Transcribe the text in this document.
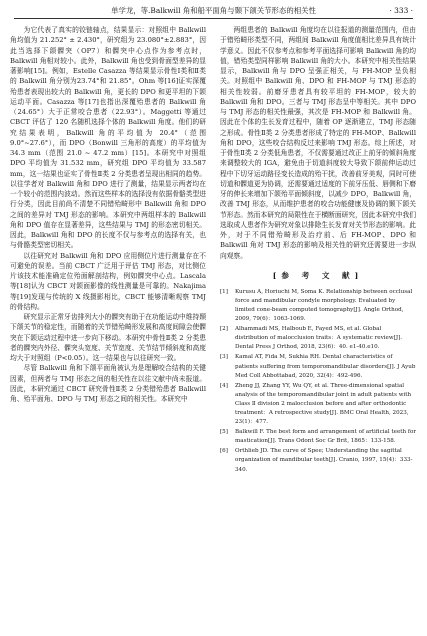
单学龙，等.Balkwill 角和船平面角与颞下颌关节形态的相关性	· 333 ·

为它代表了真实的铰链轴点，结果显示：对照组中 Balkwill 角均值为 21.252° ± 2.430°，研究组为 23.080°±2.883°，因此当选择下颌髁突（OP7）和髁突中心点作为参考点时，Balkwill 角相对较小。此外，Balkwill 角也受到骨面型差异的显著影响[15]。例如，Estelle Casazza 等结果显示骨性Ⅰ类和Ⅱ类的 Balkwill 角分别为23.74°和 21.85°。Ohm 等[16]证实深覆殆患者表现出较大的 Balkwill 角，更长的 DPO 和更平坦的下颌运动平面。Casazza 等[17]也指出深覆殆患者的 Balkwill 角（24.65°）大于正常咬合患者（22.93°）。Maggetti 等通过 CBCT 评估了 120 名随机选择个体的 Balkwill 角度。他们的研究结果表明，Balkwill 角的平均值为 20.4°（范围9.0°~27.6°），而 DPO（Bonwill 三角形的高度）的平均值为 34.3 mm（范围 21.0 ~ 47.2 mm）[15]。本研究中对照组 DPO 平均值为 31.532 mm，研究组 DPO 平均值为 33.587 mm，这一结果也证实了骨性Ⅱ类 2 分类患者呈现出相同的趋势。以往学者对 Balkwill 角和 DPO 进行了测量，结果显示两者均在一个较小的范围内波动。然而这些样本的选择没有依据骨骼类型进行分类，因此目前尚不清楚不同错殆畸形中 Balkwill 角和 DPO 之间的差异对 TMJ 形态的影响。本研究中两组样本的 Balkwill 角和 DPO 值存在显著差异，这些结果与 TMJ 的形态密切相关。因此，Balkwill 角和 DPO 的长度不仅与参考点的选择有关，也与骨骼类型密切相关。

以往研究对 Balkwill 角和 DPO 应用侧位片进行测量存在不可避免的误差。当前 CBCT 广泛用于评估 TMJ 形态，对比侧位片该技术能准确定位殆面解剖结构，例如髁突中心点。Lascala 等[18]认为 CBCT 对颌面影像的线性测量是可靠的。Nakajima 等[19]发现与传统的 X 线摄影相比，CBCT 能够清晰观察 TMJ 的骨结构。

研究显示正常牙齿排列大小的髁突有助于在功能运动中维持颞下颌关节的稳定性，而随着的关节错殆畸形发展和高度间隙会使髁突在下颌运动过程中进一步向下移动。本研究中骨性Ⅱ类 2 分类患者的髁突内外径、髁突头宽度、关节宽度、关节结节倾斜度和高度均大于对照组（P<0.05）。这一结果也与以往研究一致。

尽管 Balkwill 角和下颌平面角被认为是理解咬合结构的关键因素，但两者与 TMJ 形态之间的相关性在以往文献中尚未报道。因此，本研究通过 CBCT 研究骨性Ⅱ类 2 分类错殆患者 Balkwill 角、殆平面角、DPO 与 TMJ 形态之间的相关性。本研究中

两组患者的 Balkwill 角度均在以往报道的测量范围内，但由于错殆畸形类型不同，两组间 Balkwill 角度值相比差异具有统计学意义。因此不仅参考点和参考平面选择可影响 Balkwill 角的均值，错殆类型同样影响 Balkwill 角的大小。本研究中相关性结果显示，Balkwill 角与 DPO 呈强正相关，与 FH-MOP 呈负相关。对照组中 Balkwill 角、DPO 和 FH-MOP 与 TMJ 形态的相关性较弱。前磨牙患者具有较平坦的 FH-MOP，较大的 Balkwill 角和 DPO。三者与 TMJ 形态呈中等相关。其中 DPO 与 TMJ 形态的相关性最强，其次是 FH-MOP 和 Balkwill 角。因此在个体的生长发育过程中，随着 OP 逐渐建立，TMJ 形态随之形成。骨性Ⅱ类 2 分类患者形成了特定的 FH-MOP、Balkwill 角和 DPO，这些咬合结构反过来影响 TMJ 形态。综上所述，对于骨性Ⅱ类 2 分类低角患者，不仅需要通过改正上前牙的倾斜角度来调整较大的 IGA，避免由于切道斜度较大导致下颌前伸运动过程中下切牙运动路径变长造成的殆干扰，改善前牙美观，同时可使切道和髁道更为协调，还需要通过适度的下前牙压低、唇侧和下磨牙的伸长来增加下颌殆平面倾斜度，以减少 DPO，Balkwill 角，改善 TMJ 形态，从而维护患者的咬合功能健康及协调的颞下颌关节形态。然而本研究的局限性在于横断面研究，因此本研究中我们选取成人患者作为研究对象以排除生长发育对关节形态的影响。此外，对于不同错殆畸形及治疗前、后 FH-MOP、DPO 和 Balkwill 角对 TMJ 形态的影响及相关性的研究还需要进一步纵向观察。

[参 考 文 献]
[1] Kurusu A, Horiuchi M, Soma K. Relationship between occlusal force and mandibular condyle morphology. Evaluated by limited cone-beam computed tomography[J]. Angle Orthod, 2009, 79(6)：1063-1069.
[2] Alhammadi MS, Halboub E, Fayed MS, et al. Global distribution of malocclusion traits：A systematic review[J]. Dental Press J Orthod, 2018, 23(6)：40. e1-40.e10.
[3] Kamal AT, Fida M, Sukhia RH. Dental characteristics of patients suffering from temporomandibular disorders[J]. J Ayub Med Coll Abbottabad, 2020, 32(4)：492-496.
[4] Zheng JJ, Zhang YY, Wu QY, et al. Three-dimensional spatial analysis of the temporomandibular joint in adult patients with Class Ⅱ division 2 malocclusion before and after orthodontic treatment：A retrospective study[J]. BMC Oral Health, 2023, 23(1)：477.
[5] Balkwill F. The best form and arrangement of artificial teeth for mastication[J]. Trans Odont Soc Gr Brit, 1865：133-158.
[6] Orthlieb JD. The curve of Spee; Understanding the sagittal organization of mandibular teeth[J]. Cranio, 1997, 15(4)：333-340.
